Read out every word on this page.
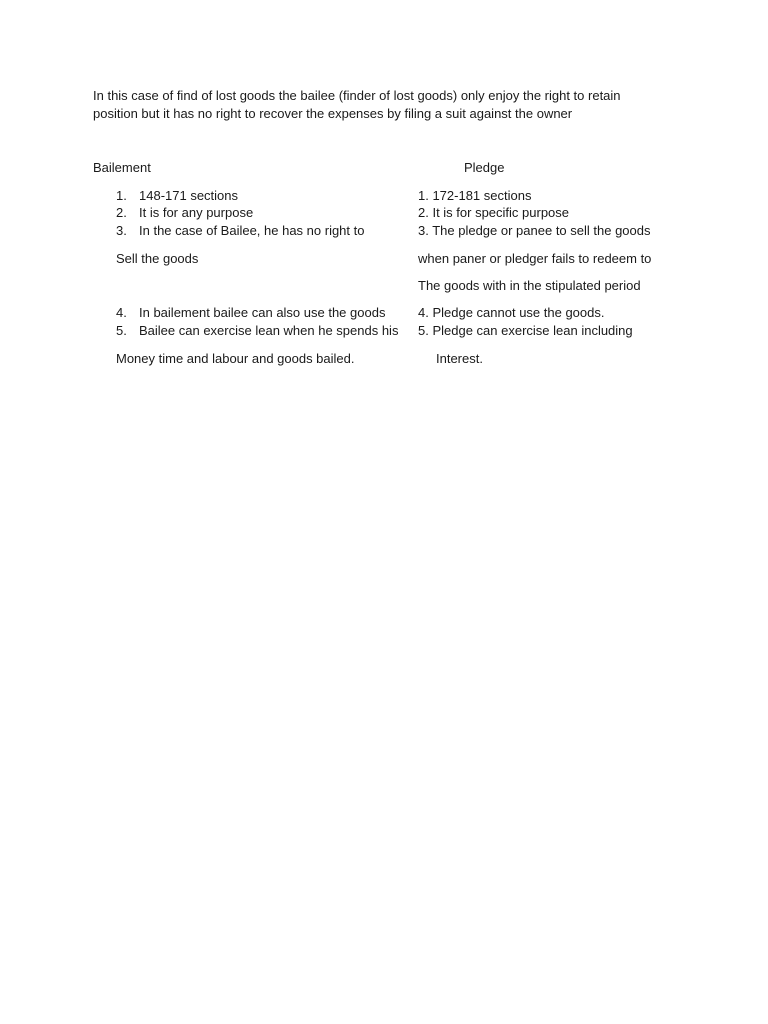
In this case of find of lost goods the bailee (finder of lost goods) only enjoy the right to retain
position but it has no right to recover the expenses by filing a suit against the owner
Bailement	Pledge
1. 148-171 sections
2. It is for any purpose
3. In the case of Bailee, he has no right to
Sell the goods
4. In bailement bailee can also use the goods
5. Bailee can exercise lean when he spends his
Money time and labour and goods bailed.
1. 172-181 sections
2. It is for specific purpose
3. The pledge or panee to sell the goods
when paner or pledger fails to redeem to
The goods with in the stipulated period
4. Pledge cannot use the goods.
5. Pledge can exercise lean including
Interest.
